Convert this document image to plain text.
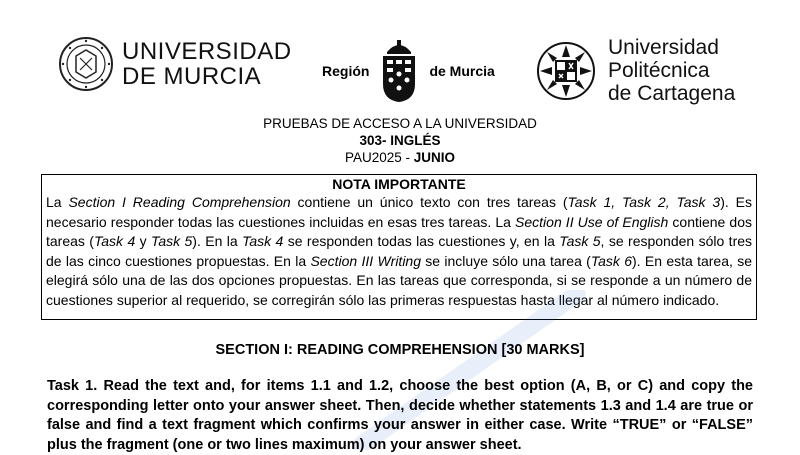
UNIVERSIDAD
DE MURCIA	Región	de Murcia
Universidad
Politécnica
de Cartagena
PRUEBAS DE ACCESO A LA UNIVERSIDAD
303- INGLÉS
PAU2025 - JUNIO
NOTA IMPORTANTE
La Section I Reading Comprehension contiene un único texto con tres tareas (Task 1, Task 2, Task 3). Es necesario responder todas las cuestiones incluidas en esas tres tareas. La Section II Use of English contiene dos tareas (Task 4 y Task 5). En la Task 4 se responden todas las cuestiones y, en la Task 5, se responden sólo tres de las cinco cuestiones propuestas. En la Section III Writing se incluye sólo una tarea (Task 6). En esta tarea, se elegirá sólo una de las dos opciones propuestas. En las tareas que corresponda, si se responde a un número de cuestiones superior al requerido, se corregirán sólo las primeras respuestas hasta llegar al número indicado.
SECTION I: READING COMPREHENSION [30 MARKS]
Task 1. Read the text and, for items 1.1 and 1.2, choose the best option (A, B, or C) and copy the corresponding letter onto your answer sheet. Then, decide whether statements 1.3 and 1.4 are true or false and find a text fragment which confirms your answer in either case. Write “TRUE” or “FALSE” plus the fragment (one or two lines maximum) on your answer sheet.
